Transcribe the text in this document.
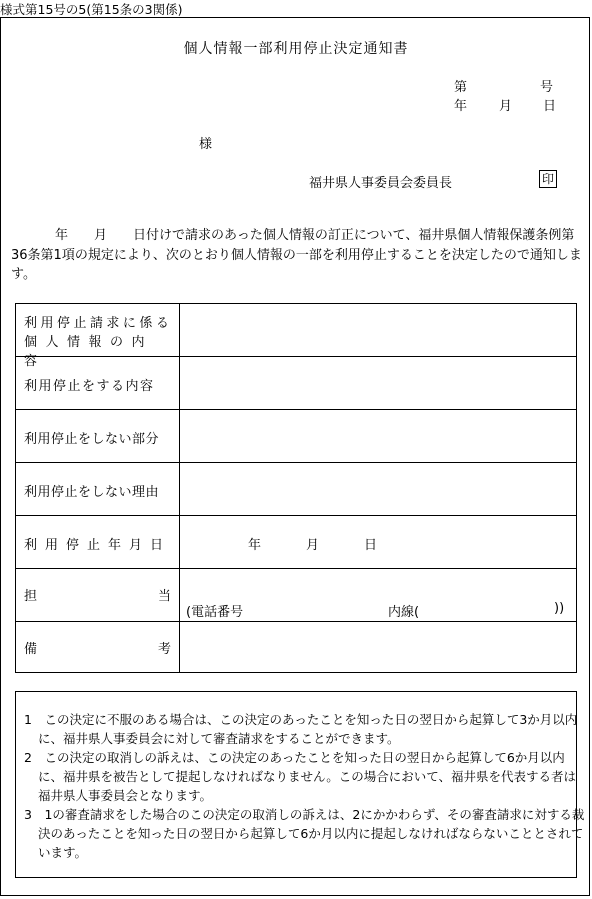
様式第15号の5(第15条の3関係)
個人情報一部利用停止決定通知書
第	号
年 月 日
様
福井県人事委員会委員長	印
年　　月　　日付けで請求のあった個人情報の訂正について、福井県個人情報保護条例第36条第1項の規定により、次のとおり個人情報の一部を利用停止することを決定したので通知します。
利 用 停 止 請 求 に 係 る
個人情報の内容
利用停止をする内容
利用停止をしない部分
利用停止をしない理由
利用停止年月日	年	月	日
担	当
(電話番号	内線(	))
備	考
1　この決定に不服のある場合は、この決定のあったことを知った日の翌日から起算して3か月以内に、福井県人事委員会に対して審査請求をすることができます。
2　この決定の取消しの訴えは、この決定のあったことを知った日の翌日から起算して6か月以内に、福井県を被告として提起しなければなりません。この場合において、福井県を代表する者は福井県人事委員会となります。
3　1の審査請求をした場合のこの決定の取消しの訴えは、2にかかわらず、その審査請求に対する裁決のあったことを知った日の翌日から起算して6か月以内に提起しなければならないこととされています。
